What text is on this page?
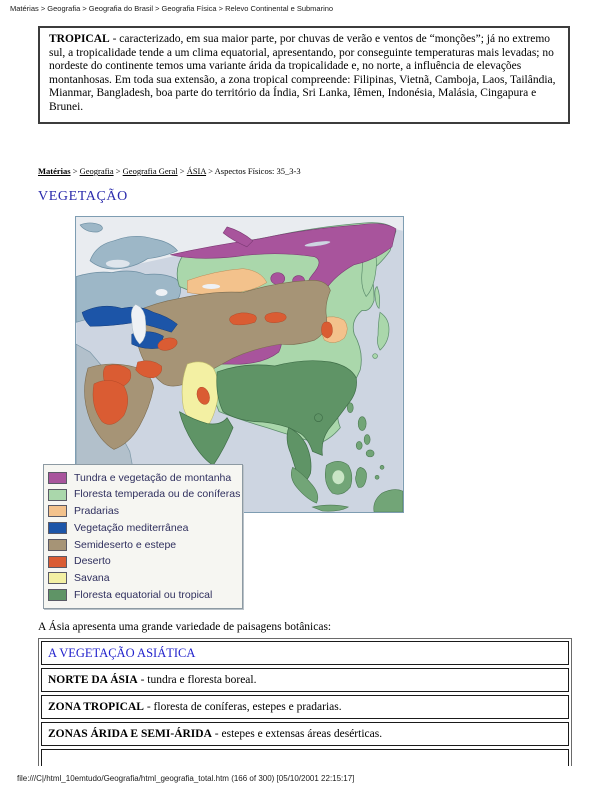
Matérias > Geografia > Geografia do Brasil > Geografia Física > Relevo Continental e Submarino
TROPICAL - caracterizado, em sua maior parte, por chuvas de verão e ventos de “monções”; já no extremo sul, a tropicalidade tende a um clima equatorial, apresentando, por conseguinte temperaturas mais levadas; no nordeste do continente temos uma variante árida da tropicalidade e, no norte, a influência de elevações montanhosas. Em toda sua extensão, a zona tropical compreende: Filipinas, Vietnã, Camboja, Laos, Tailândia, Mianmar, Bangladesh, boa parte do território da Índia, Sri Lanka, Iêmen, Indonésia, Malásia, Cingapura e Brunei.
Matérias > Geografia > Geografia Geral > ÁSIA > Aspectos Físicos: 35_3-3
VEGETAÇÃO
Tundra e vegetação de montanha
Floresta temperada ou de coníferas
Pradarias
Vegetação mediterrânea
Semideserto e estepe
Deserto
Savana
Floresta equatorial ou tropical
A Ásia apresenta uma grande variedade de paisagens botânicas:
A VEGETAÇÃO ASIÁTICA
NORTE DA ÁSIA - tundra e floresta boreal.
ZONA TROPICAL - floresta de coníferas, estepes e pradarias.
ZONAS ÁRIDA E SEMI-ÁRIDA - estepes e extensas áreas desérticas.
file:///C|/html_10emtudo/Geografia/html_geografia_total.htm (166 of 300) [05/10/2001 22:15:17]
